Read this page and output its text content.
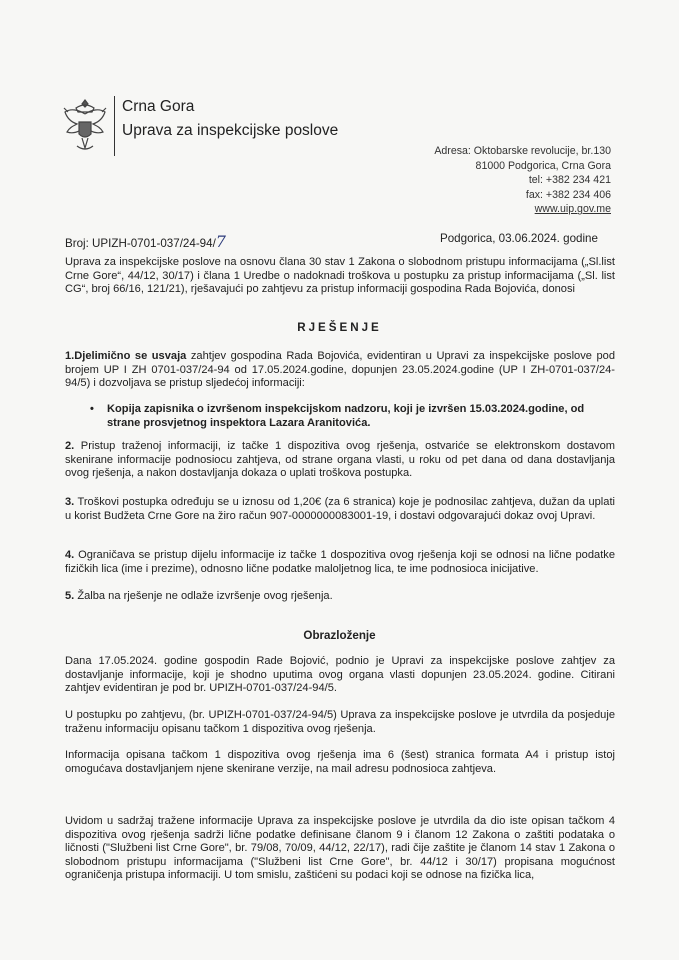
Crna Gora
Uprava za inspekcijske poslove
Adresa: Oktobarske revolucije, br.130
81000 Podgorica, Crna Gora
tel: +382 234 421
fax: +382 234 406
www.uip.gov.me
Broj: UPIZH-0701-037/24-94/7	Podgorica, 03.06.2024. godine
Uprava za inspekcijske poslove na osnovu člana 30 stav 1 Zakona o slobodnom pristupu informacijama („Sl.list Crne Gore“, 44/12, 30/17) i člana 1 Uredbe o nadoknadi troškova u postupku za pristup informacijama („Sl. list CG“, broj 66/16, 121/21), rješavajući po zahtjevu za pristup informaciji gospodina Rada Bojovića, donosi
RJEŠENJE
1.Djelimično se usvaja zahtjev gospodina Rada Bojovića, evidentiran u Upravi za inspekcijske poslove pod brojem UP I ZH 0701-037/24-94 od 17.05.2024.godine, dopunjen 23.05.2024.godine (UP I ZH-0701-037/24-94/5) i dozvoljava se pristup sljedećoj informaciji:
•	Kopija zapisnika o izvršenom inspekcijskom nadzoru, koji je izvršen 15.03.2024.godine, od strane prosvjetnog inspektora Lazara Aranitovića.
2. Pristup traženoj informaciji, iz tačke 1 dispozitiva ovog rješenja, ostvariće se elektronskom dostavom skenirane informacije podnosiocu zahtjeva, od strane organa vlasti, u roku od pet dana od dana dostavljanja ovog rješenja, a nakon dostavljanja dokaza o uplati troškova postupka.
3. Troškovi postupka određuju se u iznosu od 1,20€ (za 6 stranica) koje je podnosilac zahtjeva, dužan da uplati u korist Budžeta Crne Gore na žiro račun 907-0000000083001-19, i dostavi odgovarajući dokaz ovoj Upravi.
4. Ograničava se pristup dijelu informacije iz tačke 1 dospozitiva ovog rješenja koji se odnosi na lične podatke fizičkih lica (ime i prezime), odnosno lične podatke maloljetnog lica, te ime podnosioca inicijative.
5. Žalba na rješenje ne odlaže izvršenje ovog rješenja.
Obrazloženje
Dana 17.05.2024. godine gospodin Rade Bojović, podnio je Upravi za inspekcijske poslove zahtjev za dostavljanje informacije, koji je shodno uputima ovog organa vlasti dopunjen 23.05.2024. godine. Citirani zahtjev evidentiran je pod br. UPIZH-0701-037/24-94/5.
U postupku po zahtjevu, (br. UPIZH-0701-037/24-94/5) Uprava za inspekcijske poslove je utvrdila da posjeduje traženu informaciju opisanu tačkom 1 dispozitiva ovog rješenja.
Informacija opisana tačkom 1 dispozitiva ovog rješenja ima 6 (šest) stranica formata A4 i pristup istoj omogućava dostavljanjem njene skenirane verzije, na mail adresu podnosioca zahtjeva.
Uvidom u sadržaj tražene informacije Uprava za inspekcijske poslove je utvrdila da dio iste opisan tačkom 4 dispozitiva ovog rješenja sadrži lične podatke definisane članom 9 i članom 12 Zakona o zaštiti podataka o ličnosti ("Službeni list Crne Gore", br. 79/08, 70/09, 44/12, 22/17), radi čije zaštite je članom 14 stav 1 Zakona o slobodnom pristupu informacijama ("Službeni list Crne Gore", br. 44/12 i 30/17) propisana mogućnost ograničenja pristupa informaciji. U tom smislu, zaštićeni su podaci koji se odnose na fizička lica,
